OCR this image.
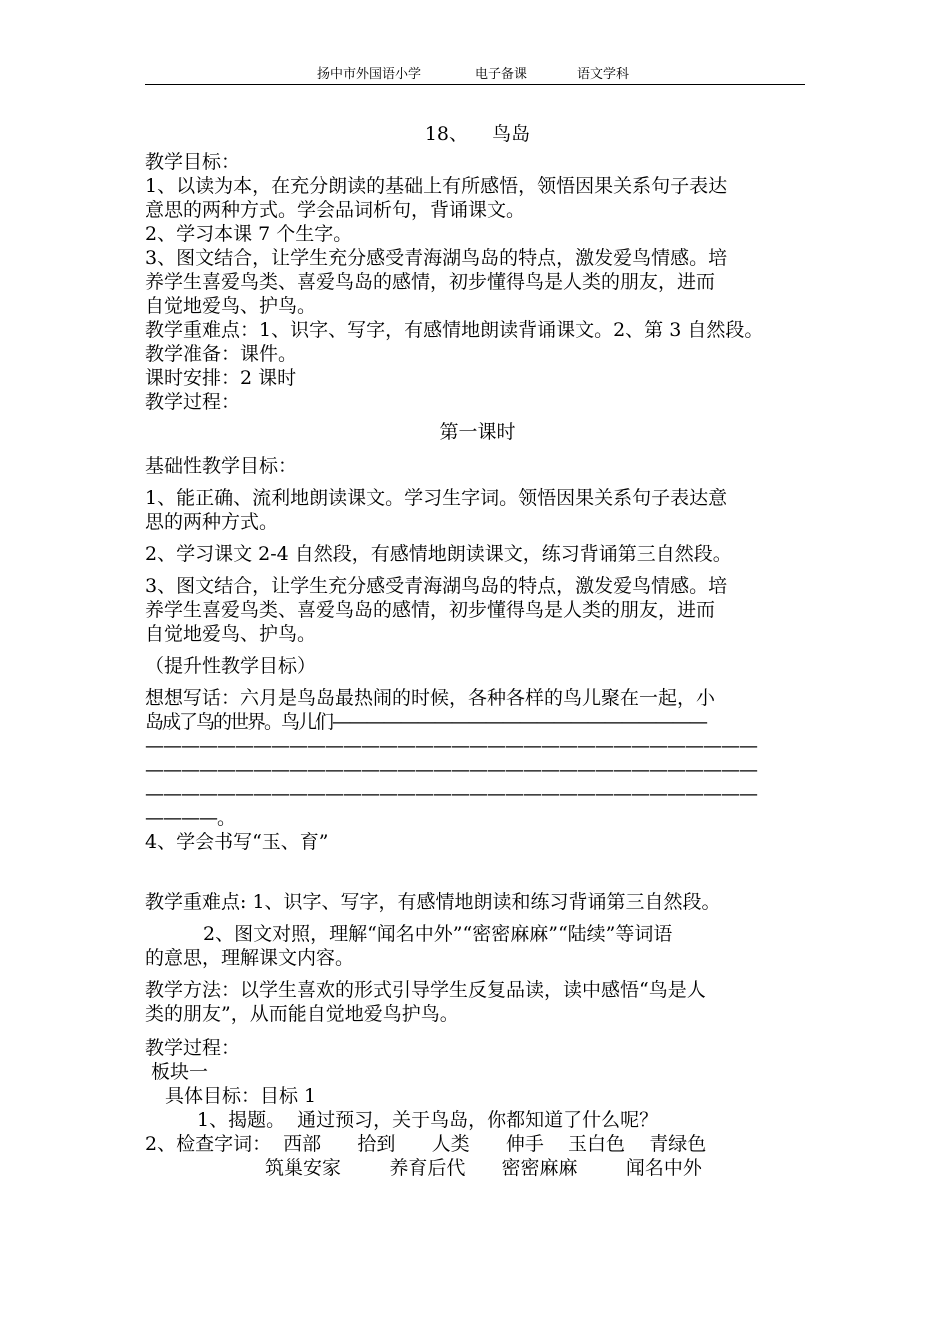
扬中市外国语小学	电子备课	语文学科

18、    鸟岛

教学目标：

1、以读为本，在充分朗读的基础上有所感悟，领悟因果关系句子表达

意思的两种方式。学会品词析句，背诵课文。

2、学习本课 7 个生字。

3、图文结合，让学生充分感受青海湖鸟岛的特点，激发爱鸟情感。培

养学生喜爱鸟类、喜爱鸟岛的感情，初步懂得鸟是人类的朋友，进而

自觉地爱鸟、护鸟。

教学重难点：1、识字、写字，有感情地朗读背诵课文。2、第 3 自然段。

教学准备：课件。

课时安排：2 课时

教学过程：

第一课时

基础性教学目标：

1、能正确、流利地朗读课文。学习生字词。领悟因果关系句子表达意

思的两种方式。

2、学习课文 2-4 自然段，有感情地朗读课文，练习背诵第三自然段。

3、图文结合，让学生充分感受青海湖鸟岛的特点，激发爱鸟情感。培

养学生喜爱鸟类、喜爱鸟岛的感情，初步懂得鸟是人类的朋友，进而

自觉地爱鸟、护鸟。

（提升性教学目标）

想想写话：六月是鸟岛最热闹的时候，各种各样的鸟儿聚在一起，小

岛成了鸟的世界。鸟儿们——————————————————————

——————————————————————————————————

——————————————————————————————————

——————————————————————————————————

————。

4、学会书写“玉、育”

教学重难点: 1、识字、写字，有感情地朗读和练习背诵第三自然段。

2、图文对照，理解“闻名中外”“密密麻麻”“陆续”等词语

的意思，理解课文内容。

教学方法：以学生喜欢的形式引导学生反复品读，读中感悟“鸟是人

类的朋友”，从而能自觉地爱鸟护鸟。

教学过程：

板块一

具体目标：目标 1

1、揭题。  通过预习，关于鸟岛，你都知道了什么呢？

2、检查字词：  西部      拾到      人类      伸手    玉白色    青绿色

筑巢安家        养育后代      密密麻麻        闻名中外
